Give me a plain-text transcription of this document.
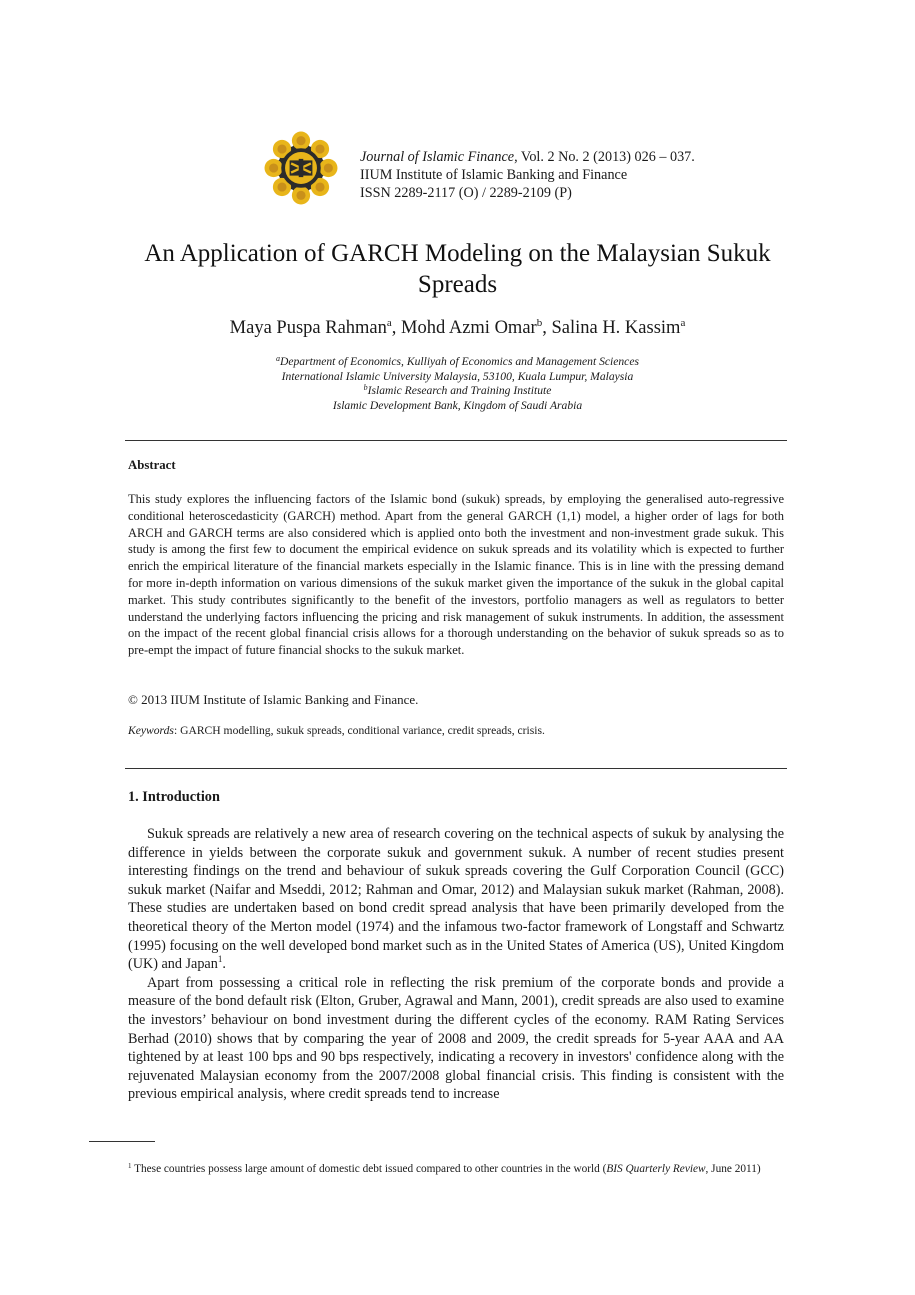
Journal of Islamic Finance, Vol. 2 No. 2 (2013) 026 – 037.
IIUM Institute of Islamic Banking and Finance
ISSN 2289-2117 (O) / 2289-2109 (P)
An Application of GARCH Modeling on the Malaysian Sukuk
Spreads
Maya Puspa Rahman$^a$, Mohd Azmi Omar$^b$, Salina H. Kassim$^a$
$^a$Department of Economics, Kulliyah of Economics and Management Sciences
International Islamic University Malaysia, 53100, Kuala Lumpur, Malaysia
$^b$Islamic Research and Training Institute
Islamic Development Bank, Kingdom of Saudi Arabia
Abstract
This study explores the influencing factors of the Islamic bond (sukuk) spreads, by employing the generalised auto-regressive conditional heteroscedasticity (GARCH) method. Apart from the general GARCH (1,1) model, a higher order of lags for both ARCH and GARCH terms are also considered which is applied onto both the investment and non-investment grade sukuk. This study is among the first few to document the empirical evidence on sukuk spreads and its volatility which is expected to further enrich the empirical literature of the financial markets especially in the Islamic finance. This is in line with the pressing demand for more in-depth information on various dimensions of the sukuk market given the importance of the sukuk in the global capital market. This study contributes significantly to the benefit of the investors, portfolio managers as well as regulators to better understand the underlying factors influencing the pricing and risk management of sukuk instruments. In addition, the assessment on the impact of the recent global financial crisis allows for a thorough understanding on the behavior of sukuk spreads so as to pre-empt the impact of future financial shocks to the sukuk market.
© 2013 IIUM Institute of Islamic Banking and Finance.
Keywords: GARCH modelling, sukuk spreads, conditional variance, credit spreads, crisis.
1. Introduction

Sukuk spreads are relatively a new area of research covering on the technical aspects of sukuk by analysing the difference in yields between the corporate sukuk and government sukuk. A number of recent studies present interesting findings on the trend and behaviour of sukuk spreads covering the Gulf Corporation Council (GCC) sukuk market (Naifar and Mseddi, 2012; Rahman and Omar, 2012) and Malaysian sukuk market (Rahman, 2008). These studies are undertaken based on bond credit spread analysis that have been primarily developed from the theoretical theory of the Merton model (1974) and the infamous two-factor framework of Longstaff and Schwartz (1995) focusing on the well developed bond market such as in the United States of America (US), United Kingdom (UK) and Japan$^1$.

Apart from possessing a critical role in reflecting the risk premium of the corporate bonds and provide a measure of the bond default risk (Elton, Gruber, Agrawal and Mann, 2001), credit spreads are also used to examine the investors’ behaviour on bond investment during the different cycles of the economy. RAM Rating Services Berhad (2010) shows that by comparing the year of 2008 and 2009, the credit spreads for 5-year AAA and AA tightened by at least 100 bps and 90 bps respectively, indicating a recovery in investors' confidence along with the rejuvenated Malaysian economy from the 2007/2008 global financial crisis. This finding is consistent with the previous empirical analysis, where credit spreads tend to increase

$^1$ These countries possess large amount of domestic debt issued compared to other countries in the world (BIS Quarterly Review, June 2011)
